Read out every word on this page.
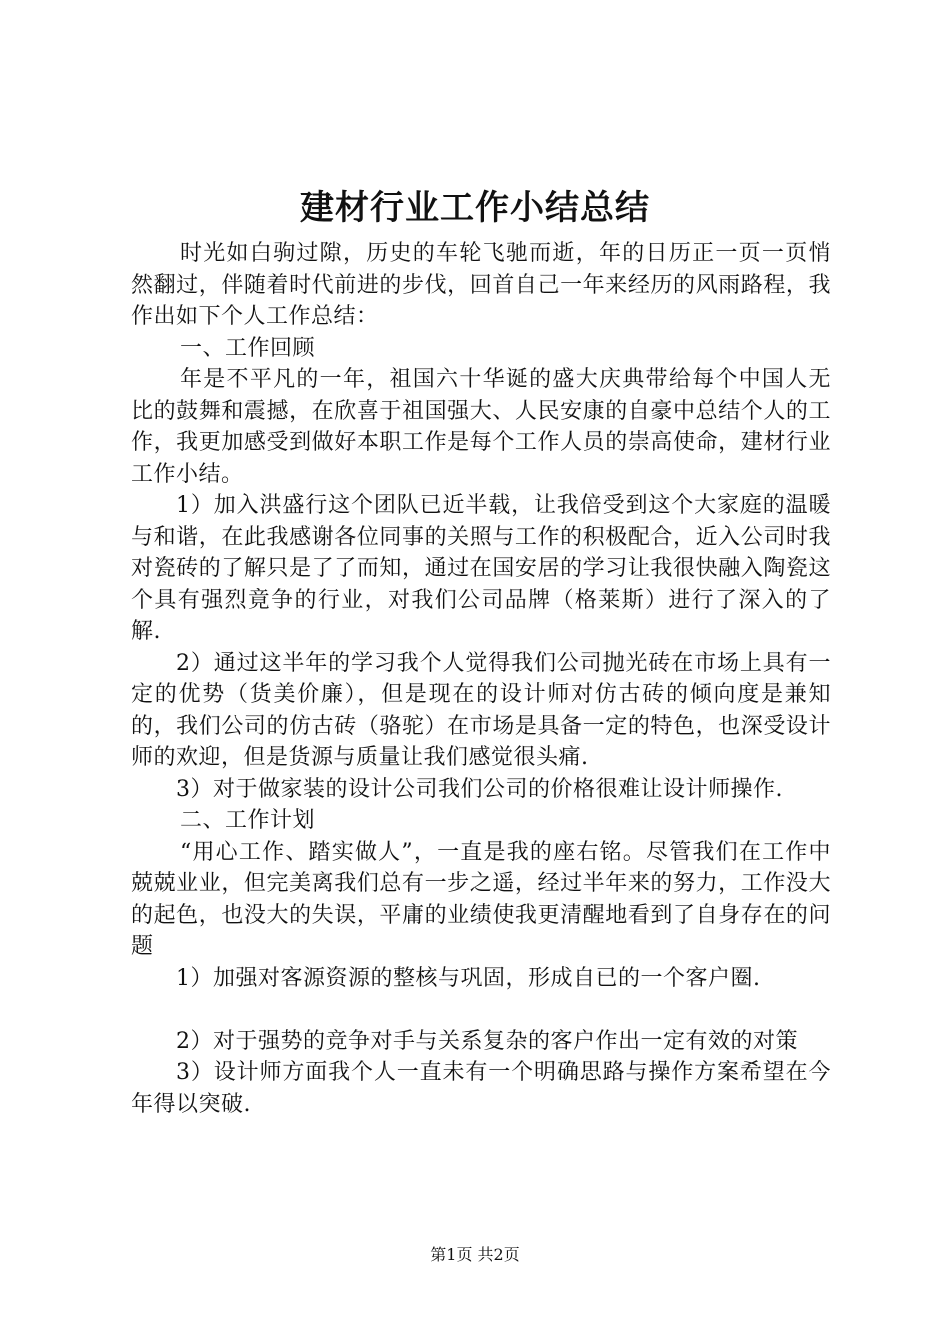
建材行业工作小结总结

时光如白驹过隙，历史的车轮飞驰而逝，年的日历正一页一页悄然翻过，伴随着时代前进的步伐，回首自己一年来经历的风雨路程，我作出如下个人工作总结：

一、工作回顾

年是不平凡的一年，祖国六十华诞的盛大庆典带给每个中国人无比的鼓舞和震撼，在欣喜于祖国强大、人民安康的自豪中总结个人的工作，我更加感受到做好本职工作是每个工作人员的崇高使命，建材行业工作小结。

1）加入洪盛行这个团队已近半载，让我倍受到这个大家庭的温暖与和谐，在此我感谢各位同事的关照与工作的积极配合，近入公司时我对瓷砖的了解只是了了而知，通过在国安居的学习让我很快融入陶瓷这个具有强烈竟争的行业，对我们公司品牌（格莱斯）进行了深入的了解.

2）通过这半年的学习我个人觉得我们公司抛光砖在市场上具有一定的优势（货美价廉），但是现在的设计师对仿古砖的倾向度是兼知的，我们公司的仿古砖（骆驼）在市场是具备一定的特色，也深受设计师的欢迎，但是货源与质量让我们感觉很头痛.

3）对于做家装的设计公司我们公司的价格很难让设计师操作.

二、工作计划

“用心工作、踏实做人”，一直是我的座右铭。尽管我们在工作中兢兢业业，但完美离我们总有一步之遥，经过半年来的努力，工作没大的起色，也没大的失误，平庸的业绩使我更清醒地看到了自身存在的问题

1）加强对客源资源的整核与巩固，形成自已的一个客户圈.

2）对于强势的竞争对手与关系复杂的客户作出一定有效的对策

3）设计师方面我个人一直未有一个明确思路与操作方案希望在今年得以突破.

第1页 共2页
